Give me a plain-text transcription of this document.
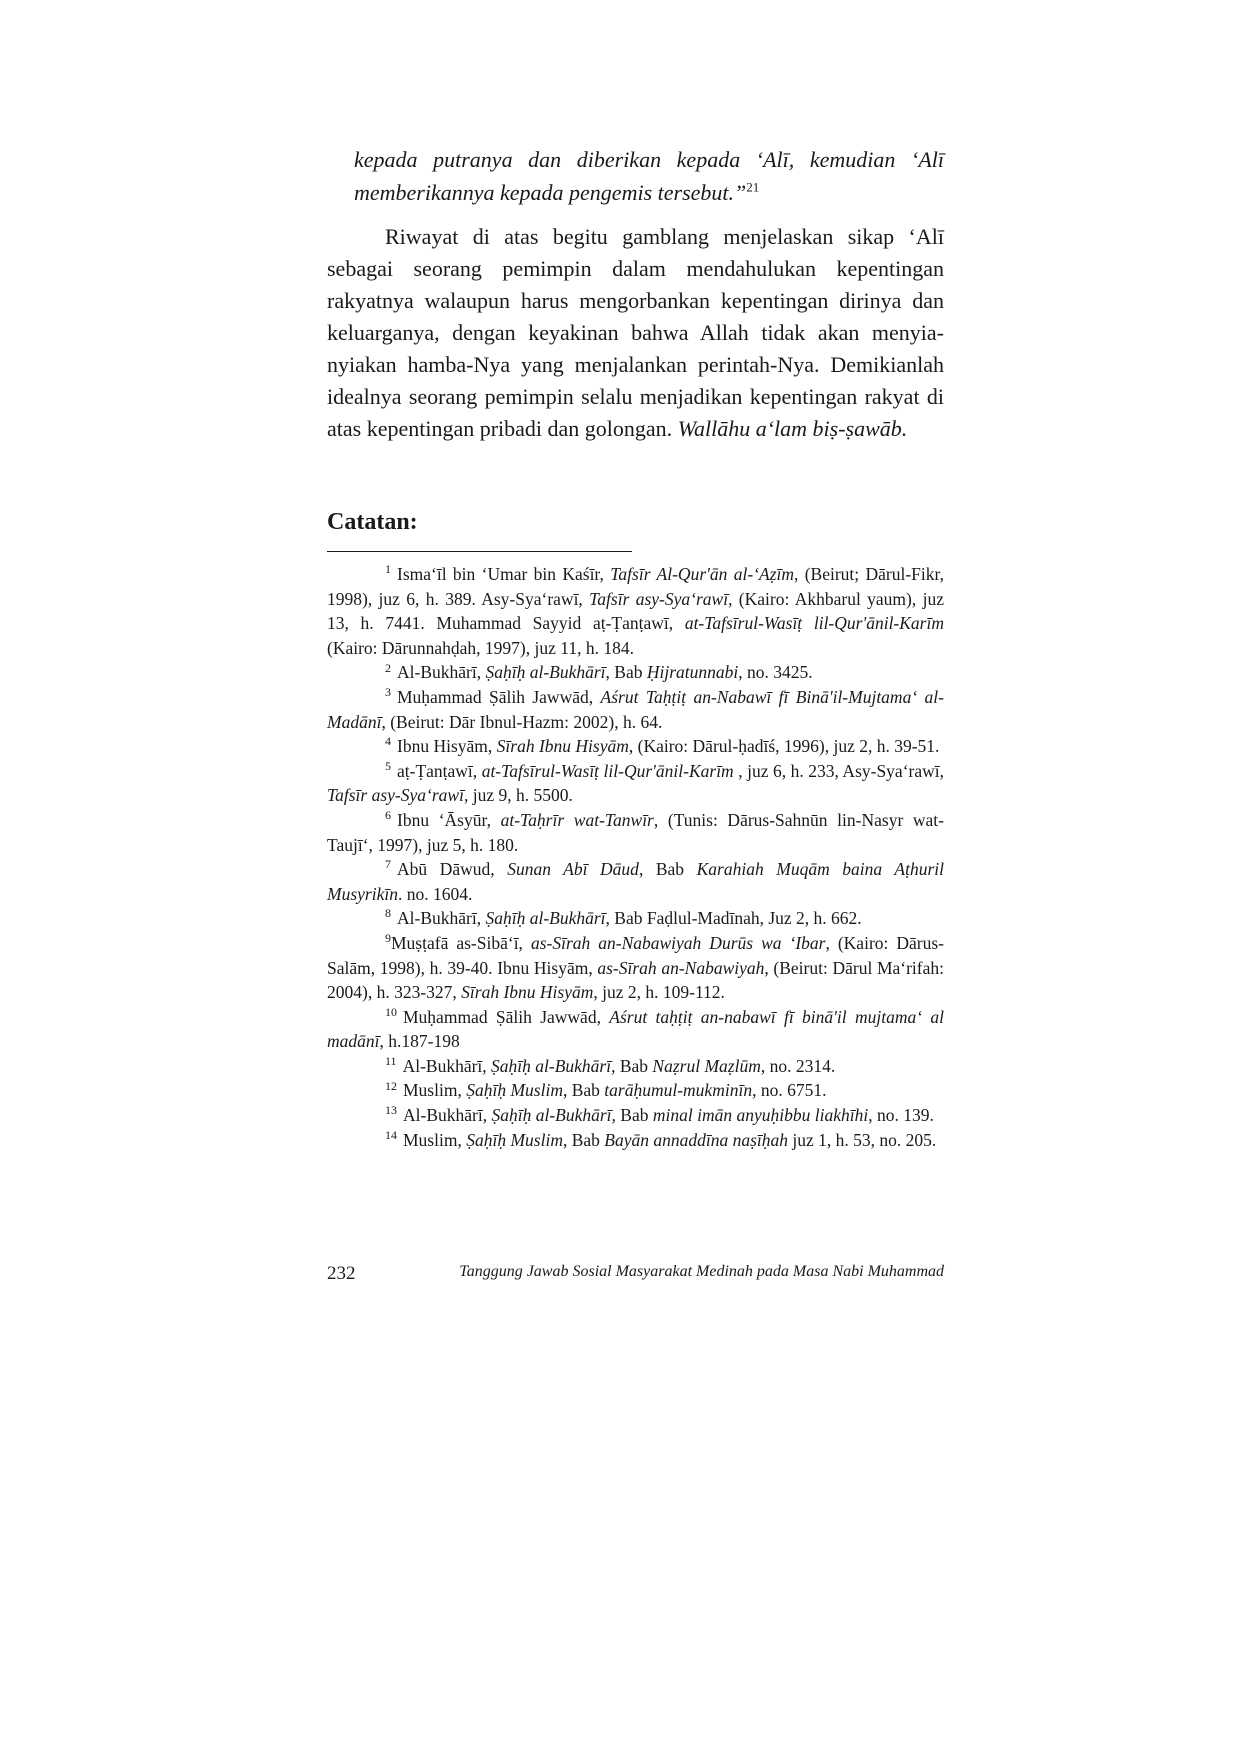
kepada putranya dan diberikan kepada ‘Alī, kemudian ‘Alī memberikannya kepada pengemis tersebut.”$^{21}$

Riwayat di atas begitu gamblang menjelaskan sikap ‘Alī sebagai seorang pemimpin dalam mendahulukan kepentingan rakyatnya walaupun harus mengorbankan kepentingan dirinya dan keluarganya, dengan keyakinan bahwa Allah tidak akan menyia-nyiakan hamba-Nya yang menjalankan perintah-Nya. Demikianlah idealnya seorang pemimpin selalu menjadikan kepentingan rakyat di atas kepentingan pribadi dan golongan. Wallāhu a‘lam biṣ-ṣawāb.

Catatan:

$^1$ Isma‘īl bin ‘Umar bin Kaśīr, Tafsīr Al-Qur'ān al-‘Aẓīm, (Beirut; Dārul-Fikr, 1998), juz 6, h. 389. Asy-Sya‘rawī, Tafsīr asy-Sya‘rawī, (Kairo: Akhbarul yaum), juz 13, h. 7441. Muhammad Sayyid aṭ-Ṭanṭawī, at-Tafsīrul-Wasīṭ lil-Qur'ānil-Karīm (Kairo: Dārunnahḍah, 1997), juz 11, h. 184.

$^2$ Al-Bukhārī, Ṣaḥīḥ al-Bukhārī, Bab Ḥijratunnabi, no. 3425.

$^3$ Muḥammad Ṣālih Jawwād, Aśrut Taḥṭiṭ an-Nabawī fī Binā'il-Mujtama‘ al-Madānī, (Beirut: Dār Ibnul-Hazm: 2002), h. 64.

$^4$ Ibnu Hisyām, Sīrah Ibnu Hisyām, (Kairo: Dārul-ḥadīś, 1996), juz 2, h. 39-51.

$^5$ aṭ-Ṭanṭawī, at-Tafsīrul-Wasīṭ lil-Qur'ānil-Karīm , juz 6, h. 233, Asy-Sya‘rawī, Tafsīr asy-Sya‘rawī, juz 9, h. 5500.

$^6$ Ibnu ‘Āsyūr, at-Taḥrīr wat-Tanwīr, (Tunis: Dārus-Sahnūn lin-Nasyr wat-Taujī‘, 1997), juz 5, h. 180.

$^7$ Abū Dāwud, Sunan Abī Dāud, Bab Karahiah Muqām baina Aṭhuril Musyrikīn. no. 1604.

$^8$ Al-Bukhārī, Ṣaḥīḥ al-Bukhārī, Bab Faḍlul-Madīnah, Juz 2, h. 662.

$^9$Muṣṭafā as-Sibā‘ī, as-Sīrah an-Nabawiyah Durūs wa ‘Ibar, (Kairo: Dārus-Salām, 1998), h. 39-40. Ibnu Hisyām, as-Sīrah an-Nabawiyah, (Beirut: Dārul Ma‘rifah: 2004), h. 323-327, Sīrah Ibnu Hisyām, juz 2, h. 109-112.

$^{10}$ Muḥammad Ṣālih Jawwād, Aśrut taḥṭiṭ an-nabawī fī binā'il mujtama‘ al madānī, h.187-198

$^{11}$ Al-Bukhārī, Ṣaḥīḥ al-Bukhārī, Bab Naẓrul Maẓlūm, no. 2314.

$^{12}$ Muslim, Ṣaḥīḥ Muslim, Bab tarāḥumul-mukminīn, no. 6751.

$^{13}$ Al-Bukhārī, Ṣaḥīḥ al-Bukhārī, Bab minal imān anyuḥibbu liakhīhi, no. 139.

$^{14}$ Muslim, Ṣaḥīḥ Muslim, Bab Bayān annaddīna naṣīḥah juz 1, h. 53, no. 205.

232	Tanggung Jawab Sosial Masyarakat Medinah pada Masa Nabi Muhammad
